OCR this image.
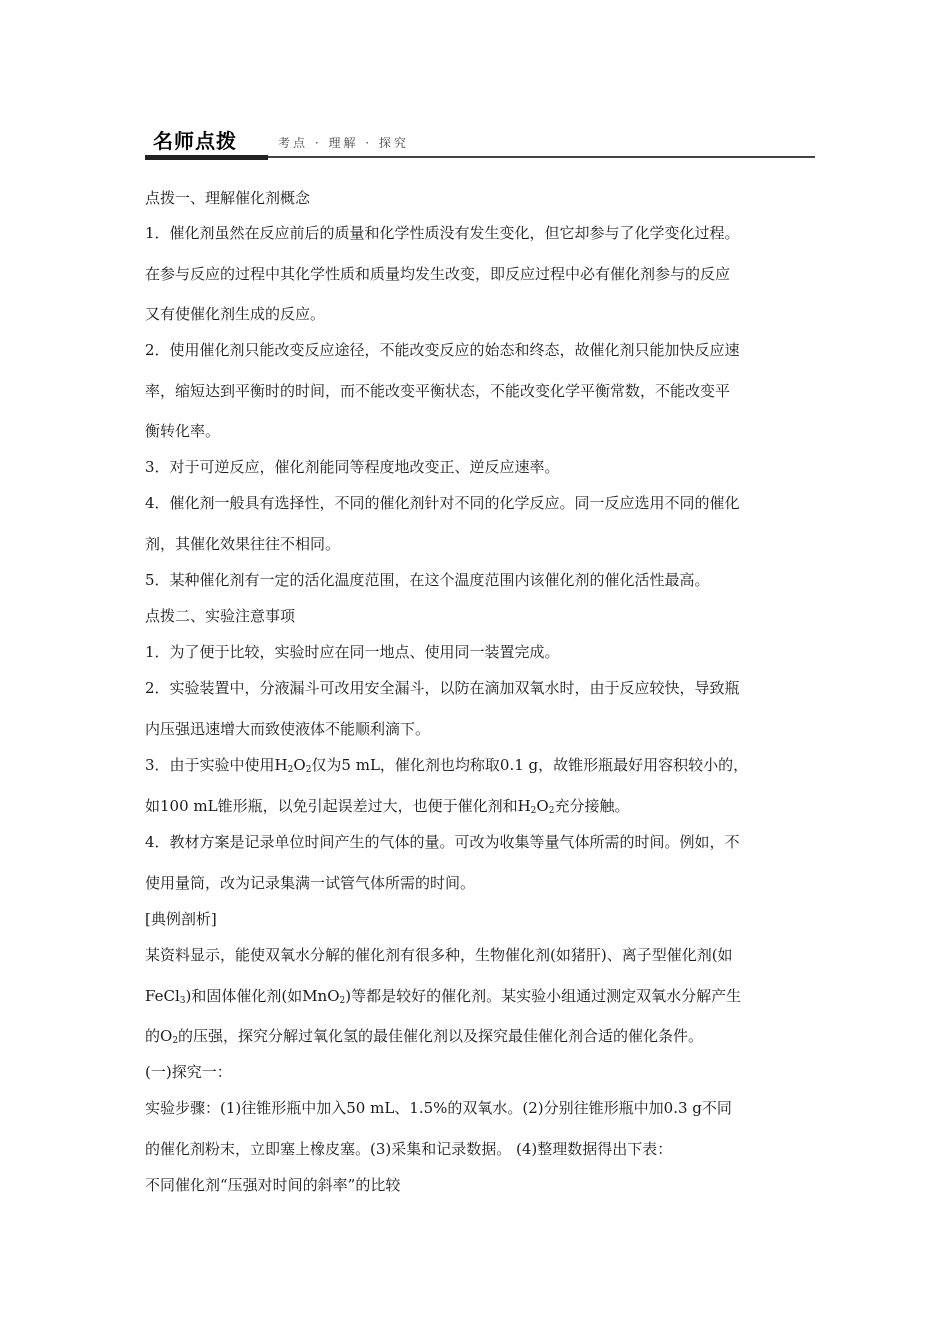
名师点拨	考点 · 理解 · 探究
点拨一、理解催化剂概念
1．催化剂虽然在反应前后的质量和化学性质没有发生变化，但它却参与了化学变化过程。
在参与反应的过程中其化学性质和质量均发生改变，即反应过程中必有催化剂参与的反应
又有使催化剂生成的反应。
2．使用催化剂只能改变反应途径，不能改变反应的始态和终态，故催化剂只能加快反应速
率，缩短达到平衡时的时间，而不能改变平衡状态，不能改变化学平衡常数，不能改变平
衡转化率。
3．对于可逆反应，催化剂能同等程度地改变正、逆反应速率。
4．催化剂一般具有选择性，不同的催化剂针对不同的化学反应。同一反应选用不同的催化
剂，其催化效果往往不相同。
5．某种催化剂有一定的活化温度范围，在这个温度范围内该催化剂的催化活性最高。
点拨二、实验注意事项
1．为了便于比较，实验时应在同一地点、使用同一装置完成。
2．实验装置中，分液漏斗可改用安全漏斗，以防在滴加双氧水时，由于反应较快，导致瓶
内压强迅速增大而致使液体不能顺利滴下。
3．由于实验中使用$H_2O_2$仅为5 mL，催化剂也均称取0.1 g，故锥形瓶最好用容积较小的，
如100 mL锥形瓶，以免引起误差过大，也便于催化剂和$H_2O_2$充分接触。
4．教材方案是记录单位时间产生的气体的量。可改为收集等量气体所需的时间。例如，不
使用量筒，改为记录集满一试管气体所需的时间。
[典例剖析]
某资料显示，能使双氧水分解的催化剂有很多种，生物催化剂(如猪肝)、离子型催化剂(如
FeCl$_3$)和固体催化剂(如MnO$_2$)等都是较好的催化剂。某实验小组通过测定双氧水分解产生
的$O_2$的压强，探究分解过氧化氢的最佳催化剂以及探究最佳催化剂合适的催化条件。
(一)探究一：
实验步骤：(1)往锥形瓶中加入50 mL、1.5%的双氧水。(2)分别往锥形瓶中加0.3 g不同
的催化剂粉末，立即塞上橡皮塞。(3)采集和记录数据。 (4)整理数据得出下表：
不同催化剂“压强对时间的斜率”的比较
